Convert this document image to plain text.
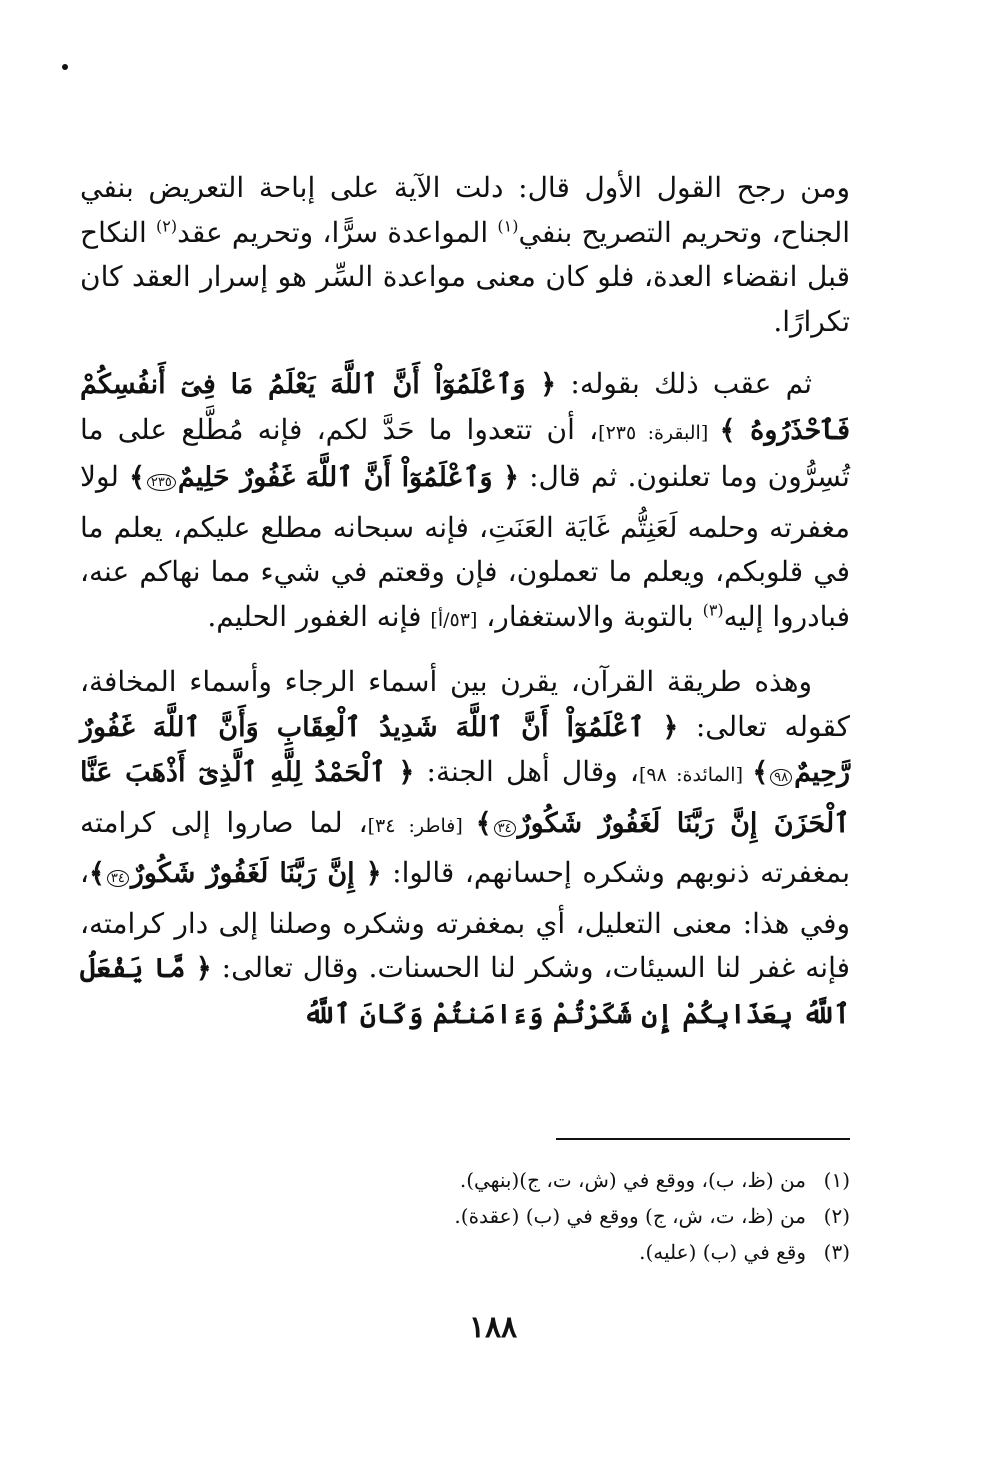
ومن رجح القول الأول قال: دلت الآية على إباحة التعريض بنفي الجناح، وتحريم التصريح بنفي$^{(١)}$ المواعدة سرًّا، وتحريم عقد$^{(٢)}$ النكاح قبل انقضاء العدة، فلو كان معنى مواعدة السِّر هو إسرار العقد كان تكرارًا.

ثم عقب ذلك بقوله: ﴿ وَٱعْلَمُوٓاْ أَنَّ ٱللَّهَ يَعْلَمُ مَا فِىٓ أَنفُسِكُمْ فَٱحْذَرُوهُ ﴾ [البقرة: ٢٣٥]، أن تتعدوا ما حَدَّ لكم، فإنه مُطَّلع على ما تُسِرُّون وما تعلنون. ثم قال: ﴿ وَٱعْلَمُوٓاْ أَنَّ ٱللَّهَ غَفُورٌ حَلِيمٌ٢٣٥﴾ لولا مغفرته وحلمه لَعَنِتُّم غَايَة العَنَتِ، فإنه سبحانه مطلع عليكم، يعلم ما في قلوبكم، ويعلم ما تعملون، فإن وقعتم في شيء مما نهاكم عنه، فبادروا إليه$^{(٣)}$ بالتوبة والاستغفار، [٥٣/أ] فإنه الغفور الحليم.

وهذه طريقة القرآن، يقرن بين أسماء الرجاء وأسماء المخافة، كقوله تعالى: ﴿ ٱعْلَمُوٓاْ أَنَّ ٱللَّهَ شَدِيدُ ٱلْعِقَابِ وَأَنَّ ٱللَّهَ غَفُورٌ رَّحِيمٌ٩٨﴾ [المائدة: ٩٨]، وقال أهل الجنة: ﴿ ٱلْحَمْدُ لِلَّهِ ٱلَّذِىٓ أَذْهَبَ عَنَّا ٱلْحَزَنَ إِنَّ رَبَّنَا لَغَفُورٌ شَكُورٌ٣٤﴾ [فاطر: ٣٤]، لما صاروا إلى كرامته بمغفرته ذنوبهم وشكره إحسانهم، قالوا: ﴿ إِنَّ رَبَّنَا لَغَفُورٌ شَكُورٌ٣٤﴾، وفي هذا: معنى التعليل، أي بمغفرته وشكره وصلنا إلى دار كرامته، فإنه غفر لنا السيئات، وشكر لنا الحسنات. وقال تعالى: ﴿ مَّا يَفْعَلُ ٱللَّهُ بِعَذَابِكُمْ إِن شَكَرْتُمْ وَءَامَنتُمْ وَكَانَ ٱللَّهُ

(١)من (ظ، ب)، ووقع في (ش، ت، ج)(بنهي).

(٢)من (ظ، ت، ش، ج) ووقع في (ب) (عقدة).

(٣)وقع في (ب) (عليه).

١٨٨
